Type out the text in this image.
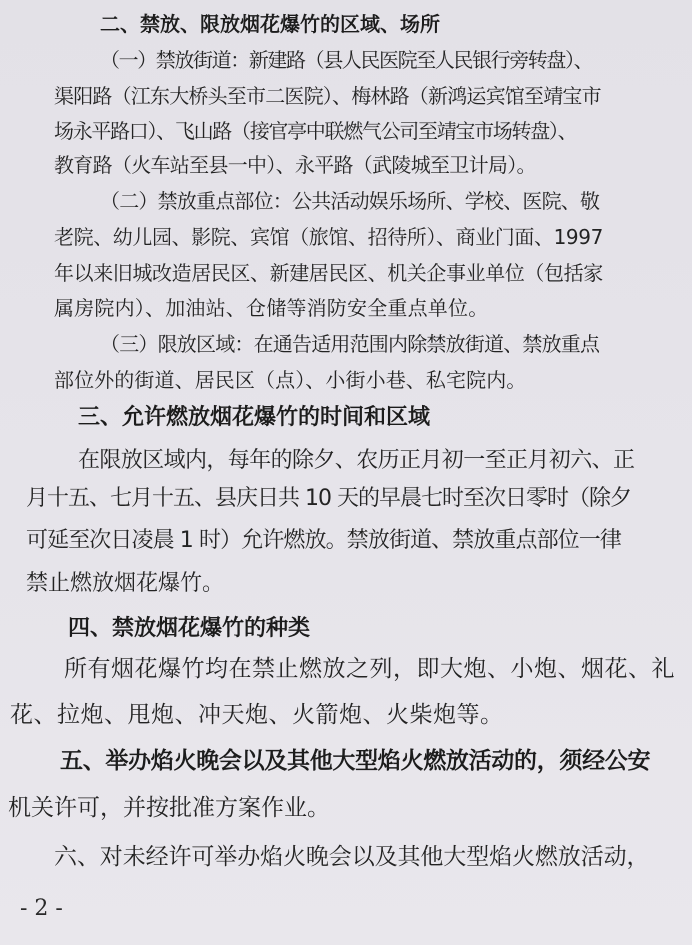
二、禁放、限放烟花爆竹的区域、场所

（一）禁放街道：新建路（县人民医院至人民银行旁转盘）、

渠阳路（江东大桥头至市二医院）、梅林路（新鸿运宾馆至靖宝市

场永平路口）、飞山路（接官亭中联燃气公司至靖宝市场转盘）、

教育路（火车站至县一中）、永平路（武陵城至卫计局）。

（二）禁放重点部位：公共活动娱乐场所、学校、医院、敬

老院、幼儿园、影院、宾馆（旅馆、招待所）、商业门面、1997

年以来旧城改造居民区、新建居民区、机关企事业单位（包括家

属房院内）、加油站、仓储等消防安全重点单位。

（三）限放区域：在通告适用范围内除禁放街道、禁放重点

部位外的街道、居民区（点）、小街小巷、私宅院内。

三、允许燃放烟花爆竹的时间和区域

在限放区域内，每年的除夕、农历正月初一至正月初六、正

月十五、七月十五、县庆日共 10 天的早晨七时至次日零时（除夕

可延至次日凌晨 1 时）允许燃放。禁放街道、禁放重点部位一律

禁止燃放烟花爆竹。

四、禁放烟花爆竹的种类

所有烟花爆竹均在禁止燃放之列，即大炮、小炮、烟花、礼

花、拉炮、甩炮、冲天炮、火箭炮、火柴炮等。

五、举办焰火晚会以及其他大型焰火燃放活动的，须经公安

机关许可，并按批准方案作业。

六、对未经许可举办焰火晚会以及其他大型焰火燃放活动，

- 2 -
